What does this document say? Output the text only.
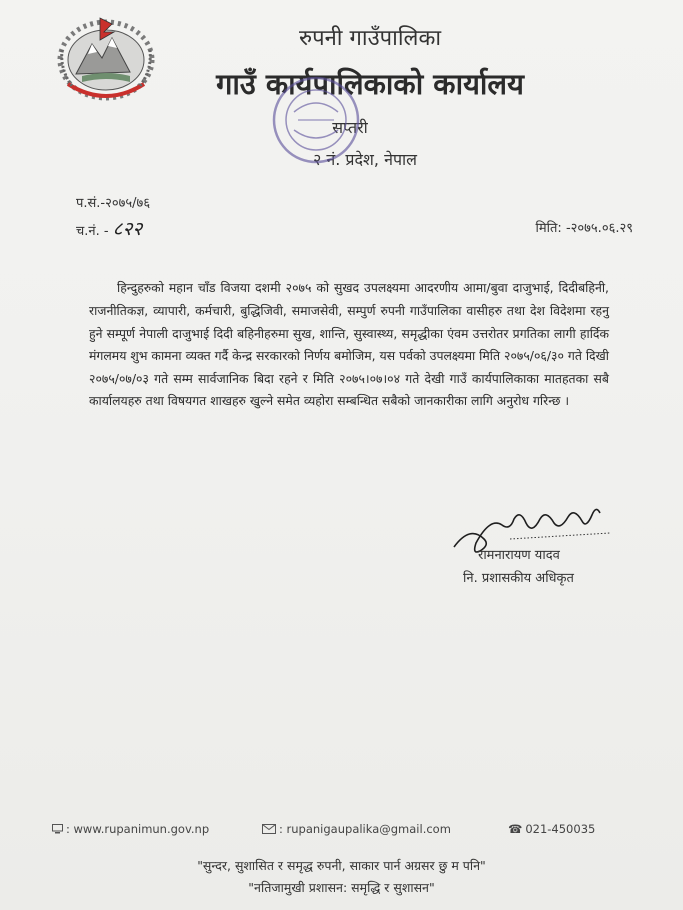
रुपनी गाउँपालिका
गाउँ कार्यपालिकाको कार्यालय
सप्तरी
२ नं. प्रदेश, नेपाल
प.सं.-२०७५/७६
च.नं. - ८२२	मिति: -२०७५.०६.२९

हिन्दुहरुको महान चाँड विजया दशमी २०७५ को सुखद उपलक्ष्यमा आदरणीय आमा/बुवा दाजुभाई, दिदीबहिनी, राजनीतिकज्ञ, व्यापारी, कर्मचारी, बुद्धिजिवी, समाजसेवी, सम्पुर्ण रुपनी गाउँपालिका वासीहरु तथा देश विदेशमा रहनु हुने सम्पूर्ण नेपाली दाजुभाई दिदी बहिनीहरुमा सुख, शान्ति, सुस्वास्थ्य, समृद्धीका एंवम उत्तरोतर प्रगतिका लागी हार्दिक मंगलमय शुभ कामना व्यक्त गर्दै केन्द्र सरकारको निर्णय बमोजिम, यस पर्वको उपलक्ष्यमा मिति २०७५/०६/३० गते दिखी २०७५/०७/०३ गते सम्म सार्वजानिक बिदा रहने र मिति २०७५।०७।०४ गते देखी गाउँ कार्यपालिकाका मातहतका सबै कार्यालयहरु तथा विषयगत शाखहरु खुल्ने समेत व्यहोरा सम्बन्धित सबैको जानकारीका लागि अनुरोध गरिन्छ ।

रामनारायण यादव
नि. प्रशासकीय अधिकृत
: www.rupanimun.gov.np	: rupanigaupalika@gmail.com	☎ 021-450035
"सुन्दर, सुशासित र समृद्ध रुपनी, साकार पार्न अग्रसर छु म पनि"
"नतिजामुखी प्रशासन: समृद्धि र सुशासन"
